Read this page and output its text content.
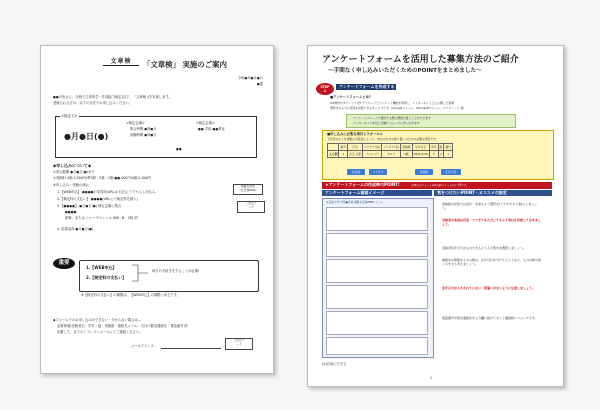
文章検	「文章検」 実施のご案内
令和●年●月●日
●課
●●の皆さん、全校で主体的学・作成能力検定(以下、「文章検」)を実施します。
受検される方は、以下の方法でお申し込みください。
<検定日>
●月●日(●)
<検定会場>
集合時間 ●時●分
試験時間 ●時●分
<検定会場>
●● 学校 ●●教室
●●
◆申し込みについて◆
①申込期間 ●月●日(●)まで
②受検料 4級:2,000円/準3級・3級・2級:●●,000円/4級:2,000円
③申し込み・受検の流れ
1.【WEB申込】 ●●●●の学習用(URLは下記)にアクセスし申込み
2.【検定料の支払い】 ●●●●(URLにて検定料を納入)
3.【●●●●】 ●月●日(●) 検定会場に集合
●●●●
鉛筆、または シャープペンシル (HB・B・2B) 消
4. 結果返却 ●月●日(●)
掲載を追加
(文章検Web)
二次元コ
ード
重要
1.【WEB申込】
2.【検定料の支払い】
両方の手続きをすることが必要!
※【検定料の支払い】の期限は、【WEB申込】の期限と同じです。
◆フォームでのお申し込みができない・分からない場合は…
必要事項(受検者名・学年・組・受検級・連絡先メール・当日の緊急連絡先・電話番号)を
記載して、以下のアドレスへメールにてご連絡ください。
メールアドレス
二次元コ
ード
アンケートフォームを活用した募集方法のご紹介
～手間なく申し込みいただくためのPOINTをまとめました～
STEP
1
アンケートフォームを作成する
■アンケートフォームとは?
ICT教材やタブレット内でアンケートとアンケート機能を利用し、インターネット上に公開した質問
票形式の入力に回答を収集できるサービスです。(Googleフォーム、Microsoftフォーム、ロイロノート 等)
アンケートフォームで提出する個人情報を扱うことができます
インターネット申込と同様にスムーズに申し込めます
■申し込みに必要な項目とスカールル
下記表のような情報は当協会にとって、申込のための取り扱いのための必要な項目です。
	番号	氏名	フリガナ(姓)	フリガナ(名)	受検級	生年月日	学年	組	番号
入力例	1	文章 太郎	ブンショウ	タロウ	3級	2001/5/30	3	2	1
お名前	フリガナ	受検級	生年月日
★アンケートフォームの作成時のPOINT!	お申込みフォーム(Googleフォーム)の一例です。
アンケートフォーム画面イメージ	気をつけたいPOINT・オススメの設定
文章検 中学 令和●年度 後期文章検WEBフォーム	受検級の記述では受付・出来るよう選択式(ラジオボタン等)にしましょう。
受検者の名前は氏名・フリガナを入力してもらう項目を用意しておきましょう。
受検者生年月日が入力できるよう入力形式を選択しましょう。
複数名の情報を入力の際は、生年月日を分けてもらうなど、入力の際の使いやすさも考えましょう。
生年月日が入力されていない・間違いがないように注意しましょう。
電話番号や緊急連絡先を入力欄に設けておくと連絡時にスムーズです。
(2)自前にできる
1
